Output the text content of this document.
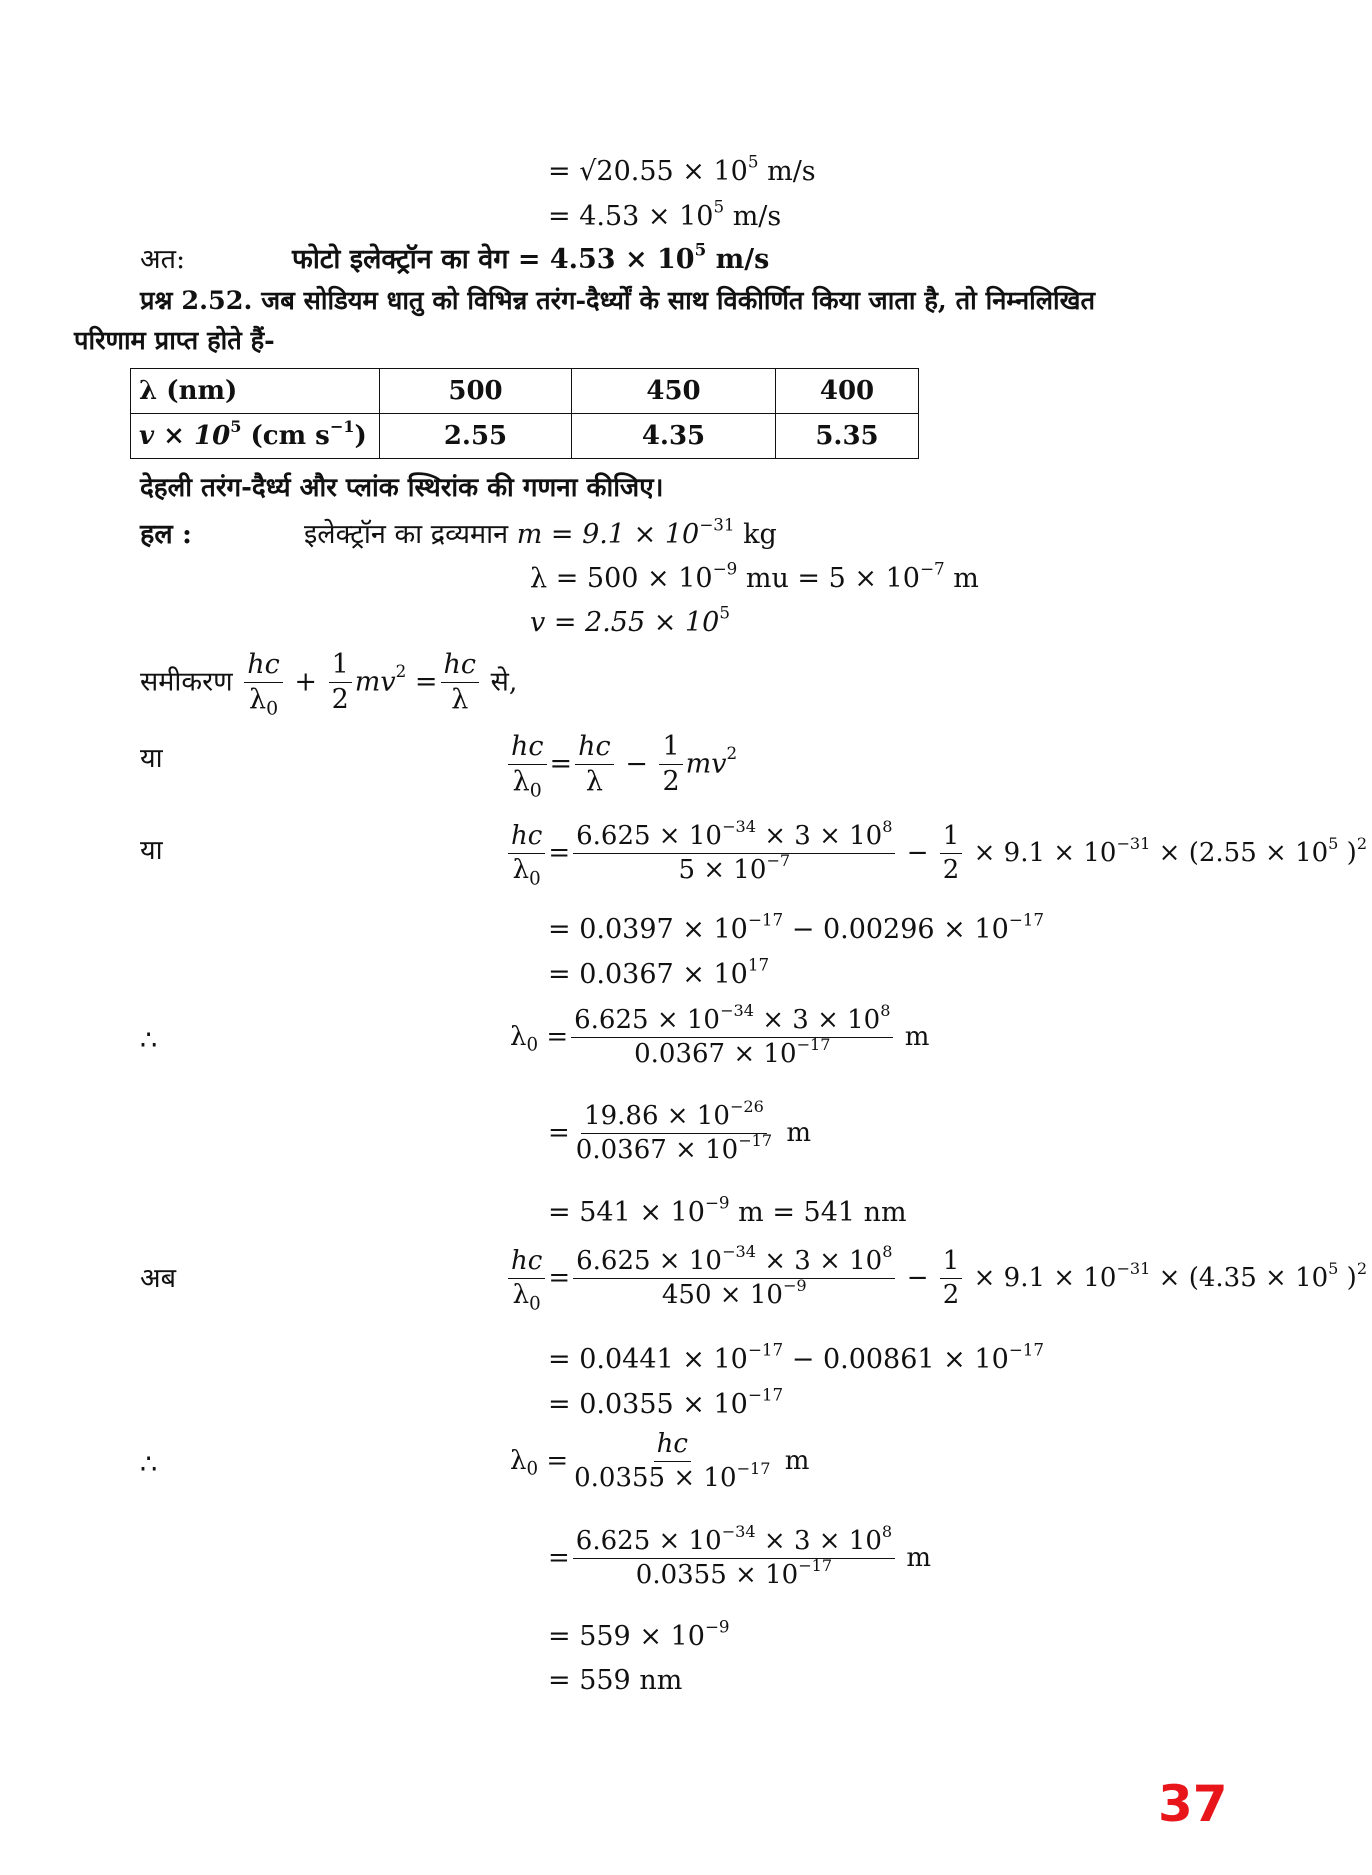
= $√20.55 \times 10^5$ m/s
= $4.53 \times 10^5$ m/s
अत:	फोटो इलेक्ट्रॉन का वेग = $4.53 \times 10^5$ m/s
प्रश्न 2.52. जब सोडियम धातु को विभिन्न तरंग-दैर्ध्यों के साथ विकीर्णित किया जाता है, तो निम्नलिखित
परिणाम प्राप्त होते हैं-
λ (nm)	500	450	400
$v \times 10^5$ (cm $s^{-1}$)	2.55	4.35	5.35
देहली तरंग-दैर्ध्य और प्लांक स्थिरांक की गणना कीजिए।
हल :	इलेक्ट्रॉन का द्रव्यमान $m = 9.1 \times 10^{-31}$ kg
$\lambda = 500 \times 10^{-9}$ mu = $5 \times 10^{-7}$ m
$v = 2.55 \times 10^5$
समीकरण $\frac{hc}{\lambda_0} + \frac{1}{2} mv^2 = \frac{hc}{\lambda}$ से,
या	$\frac{hc}{\lambda_0} = \frac{hc}{\lambda} - \frac{1}{2} mv^2$
या	$\frac{hc}{\lambda_0} = \frac{6.625 \times 10^{-34} \times 3 \times 10^8}{5 \times 10^{-7}} - \frac{1}{2} \times 9.1 \times 10^{-31} \times (2.55 \times 10^5$ )$^2$
= $0.0397 \times 10^{-17} - 0.00296 \times 10^{-17}$
= $0.0367 \times 10^{17}$
∴	$\lambda_0 = \frac{6.625 \times 10^{-34} \times 3 \times 10^8}{0.0367 \times 10^{-17}}$ m
= $\frac{19.86 \times 10^{-26}}{0.0367 \times 10^{-17}}$ m
= $541 \times 10^{-9}$ m = 541 nm
अब	$\frac{hc}{\lambda_0} = \frac{6.625 \times 10^{-34} \times 3 \times 10^8}{450 \times 10^{-9}} - \frac{1}{2} \times 9.1 \times 10^{-31} \times (4.35 \times 10^5$ )$^2$
= $0.0441 \times 10^{-17} - 0.00861 \times 10^{-17}$
= $0.0355 \times 10^{-17}$
∴	$\lambda_0 = \frac{hc}{0.0355 \times 10^{-17}}$ m
= $\frac{6.625 \times 10^{-34} \times 3 \times 10^8}{0.0355 \times 10^{-17}}$ m
= $559 \times 10^{-9}$
= 559 nm
37
